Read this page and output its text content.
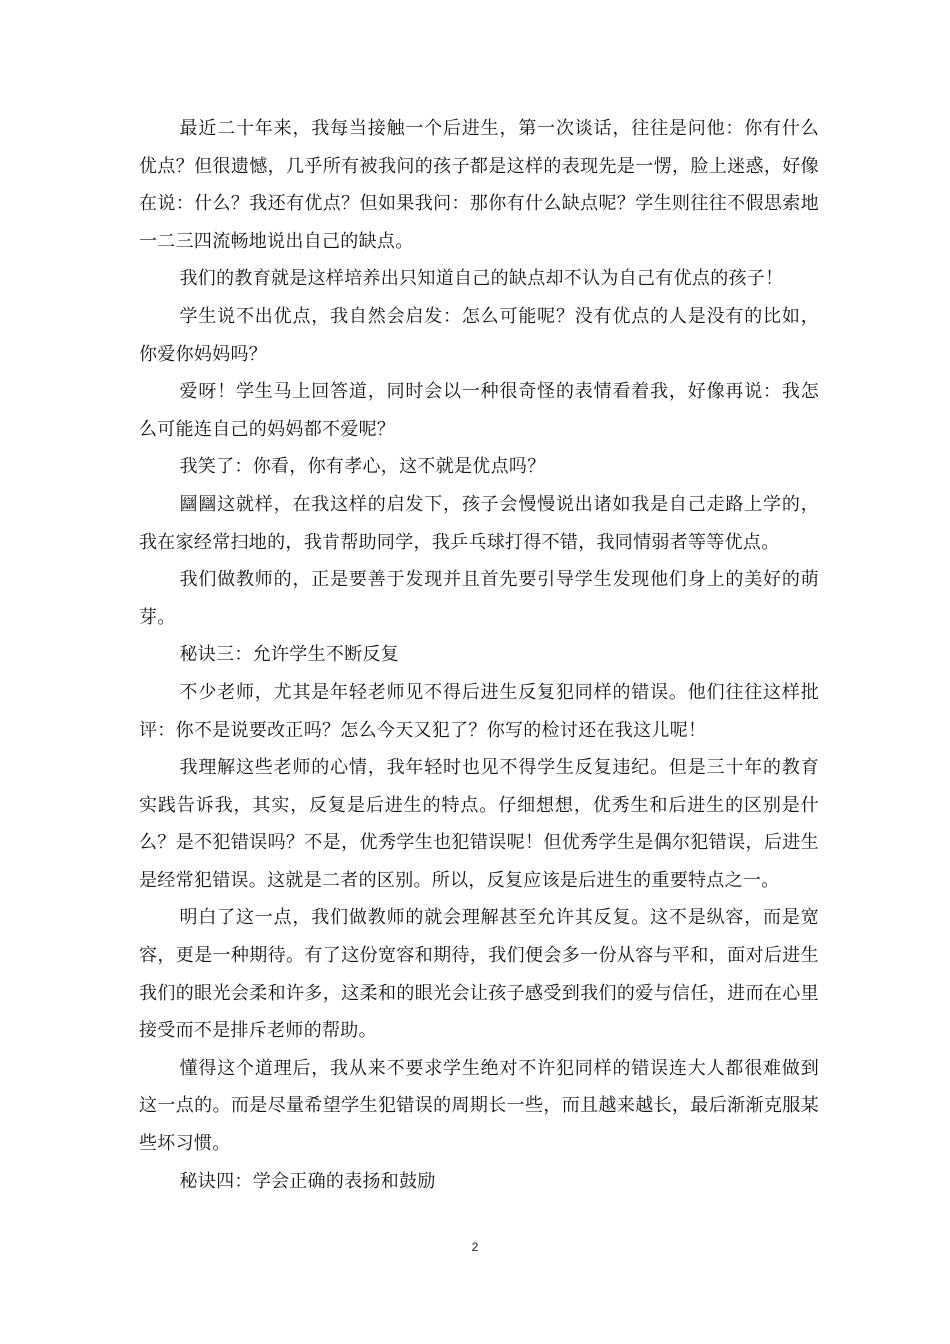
最近二十年来，我每当接触一个后进生，第一次谈话，往往是问他：你有什么优点？但很遗憾，几乎所有被我问的孩子都是这样的表现先是一愣，脸上迷惑，好像在说：什么？我还有优点？但如果我问：那你有什么缺点呢？学生则往往不假思索地一二三四流畅地说出自己的缺点。

我们的教育就是这样培养出只知道自己的缺点却不认为自己有优点的孩子！

学生说不出优点，我自然会启发：怎么可能呢？没有优点的人是没有的比如，你爱你妈妈吗？

爱呀！学生马上回答道，同时会以一种很奇怪的表情看着我，好像再说：我怎么可能连自己的妈妈都不爱呢？

我笑了：你看，你有孝心，这不就是优点吗？

圝圝这就样，在我这样的启发下，孩子会慢慢说出诸如我是自己走路上学的，我在家经常扫地的，我肯帮助同学，我乒乓球打得不错，我同情弱者等等优点。

我们做教师的，正是要善于发现并且首先要引导学生发现他们身上的美好的萌芽。

秘诀三：允许学生不断反复

不少老师，尤其是年轻老师见不得后进生反复犯同样的错误。他们往往这样批评：你不是说要改正吗？怎么今天又犯了？你写的检讨还在我这儿呢！

我理解这些老师的心情，我年轻时也见不得学生反复违纪。但是三十年的教育实践告诉我，其实，反复是后进生的特点。仔细想想，优秀生和后进生的区别是什么？是不犯错误吗？不是，优秀学生也犯错误呢！但优秀学生是偶尔犯错误，后进生是经常犯错误。这就是二者的区别。所以，反复应该是后进生的重要特点之一。

明白了这一点，我们做教师的就会理解甚至允许其反复。这不是纵容，而是宽容，更是一种期待。有了这份宽容和期待，我们便会多一份从容与平和，面对后进生我们的眼光会柔和许多，这柔和的眼光会让孩子感受到我们的爱与信任，进而在心里接受而不是排斥老师的帮助。

懂得这个道理后，我从来不要求学生绝对不许犯同样的错误连大人都很难做到这一点的。而是尽量希望学生犯错误的周期长一些，而且越来越长，最后渐渐克服某些坏习惯。

秘诀四：学会正确的表扬和鼓励

2
